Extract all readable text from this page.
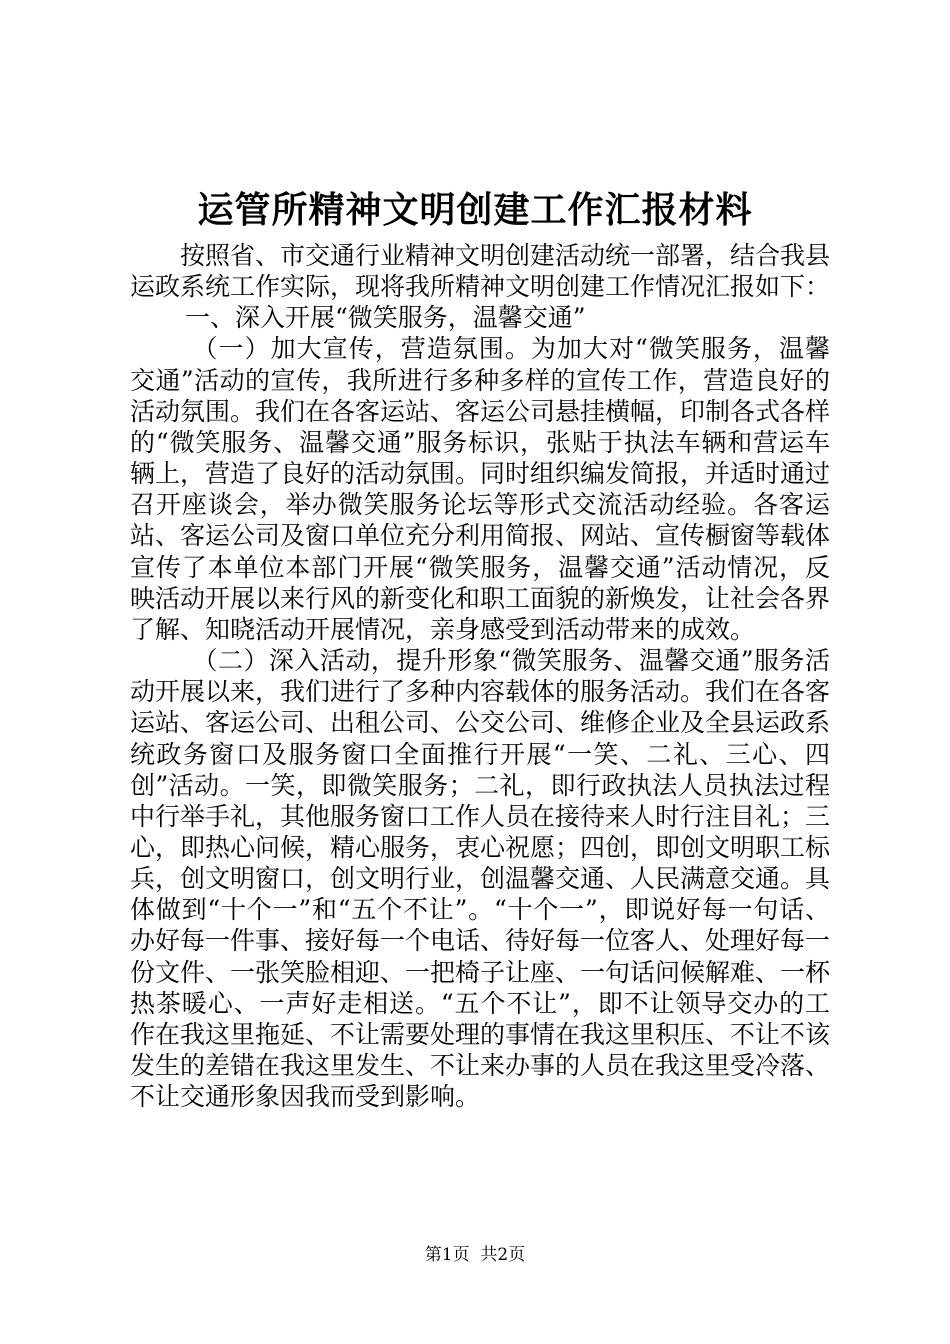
运管所精神文明创建工作汇报材料

按照省、市交通行业精神文明创建活动统一部署，结合我县运政系统工作实际，现将我所精神文明创建工作情况汇报如下：

一、深入开展“微笑服务，温馨交通”

（一）加大宣传，营造氛围。为加大对“微笑服务，温馨交通”活动的宣传，我所进行多种多样的宣传工作，营造良好的活动氛围。我们在各客运站、客运公司悬挂横幅，印制各式各样的“微笑服务、温馨交通”服务标识，张贴于执法车辆和营运车辆上，营造了良好的活动氛围。同时组织编发简报，并适时通过召开座谈会，举办微笑服务论坛等形式交流活动经验。各客运站、客运公司及窗口单位充分利用简报、网站、宣传橱窗等载体宣传了本单位本部门开展“微笑服务，温馨交通”活动情况，反映活动开展以来行风的新变化和职工面貌的新焕发，让社会各界了解、知晓活动开展情况，亲身感受到活动带来的成效。

（二）深入活动，提升形象“微笑服务、温馨交通”服务活动开展以来，我们进行了多种内容载体的服务活动。我们在各客运站、客运公司、出租公司、公交公司、维修企业及全县运政系统政务窗口及服务窗口全面推行开展“一笑、二礼、三心、四创”活动。一笑，即微笑服务；二礼，即行政执法人员执法过程中行举手礼，其他服务窗口工作人员在接待来人时行注目礼；三心，即热心问候，精心服务，衷心祝愿；四创，即创文明职工标兵，创文明窗口，创文明行业，创温馨交通、人民满意交通。具体做到“十个一”和“五个不让”。“十个一”，即说好每一句话、办好每一件事、接好每一个电话、待好每一位客人、处理好每一份文件、一张笑脸相迎、一把椅子让座、一句话问候解难、一杯热茶暖心、一声好走相送。“五个不让”，即不让领导交办的工作在我这里拖延、不让需要处理的事情在我这里积压、不让不该发生的差错在我这里发生、不让来办事的人员在我这里受冷落、不让交通形象因我而受到影响。

第1页 共2页
